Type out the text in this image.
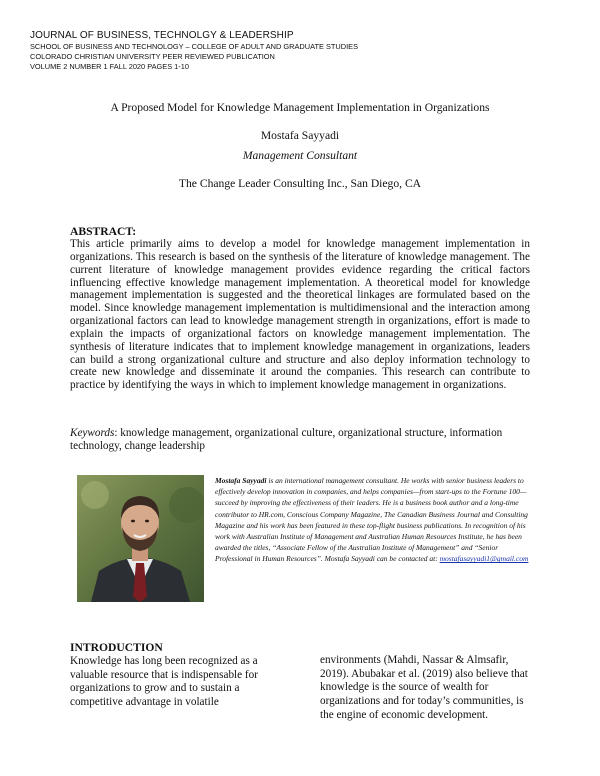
JOURNAL OF BUSINESS, TECHNOLGY & LEADERSHIP
SCHOOL OF BUSINESS AND TECHNOLOGY – COLLEGE OF ADULT AND GRADUATE STUDIES
COLORADO CHRISTIAN UNIVERSITY PEER REVIEWED PUBLICATION
VOLUME 2 NUMBER 1 FALL 2020 PAGES 1-10
A Proposed Model for Knowledge Management Implementation in Organizations
Mostafa Sayyadi
Management Consultant
The Change Leader Consulting Inc., San Diego, CA
ABSTRACT:
This article primarily aims to develop a model for knowledge management implementation in organizations. This research is based on the synthesis of the literature of knowledge management. The current literature of knowledge management provides evidence regarding the critical factors influencing effective knowledge management implementation. A theoretical model for knowledge management implementation is suggested and the theoretical linkages are formulated based on the model. Since knowledge management implementation is multidimensional and the interaction among organizational factors can lead to knowledge management strength in organizations, effort is made to explain the impacts of organizational factors on knowledge management implementation. The synthesis of literature indicates that to implement knowledge management in organizations, leaders can build a strong organizational culture and structure and also deploy information technology to create new knowledge and disseminate it around the companies. This research can contribute to practice by identifying the ways in which to implement knowledge management in organizations.
Keywords: knowledge management, organizational culture, organizational structure, information technology, change leadership
Mostafa Sayyadi is an international management consultant. He works with senior business leaders to effectively develop innovation in companies, and helps companies—from start-ups to the Fortune 100—succeed by improving the effectiveness of their leaders. He is a business book author and a long-time contributor to HR.com, Conscious Company Magazine, The Canadian Business Journal and Consulting Magazine and his work has been featured in these top-flight business publications. In recognition of his work with Australian Institute of Management and Australian Human Resources Institute, he has been awarded the titles, “Associate Fellow of the Australian Institute of Management” and “Senior Professional in Human Resources”. Mostafa Sayyadi can be contacted at: mostafasayyadi1@gmail.com
INTRODUCTION
Knowledge has long been recognized as a valuable resource that is indispensable for organizations to grow and to sustain a competitive advantage in volatile
environments (Mahdi, Nassar & Almsafir, 2019). Abubakar et al. (2019) also believe that knowledge is the source of wealth for organizations and for today’s communities, is the engine of economic development.
